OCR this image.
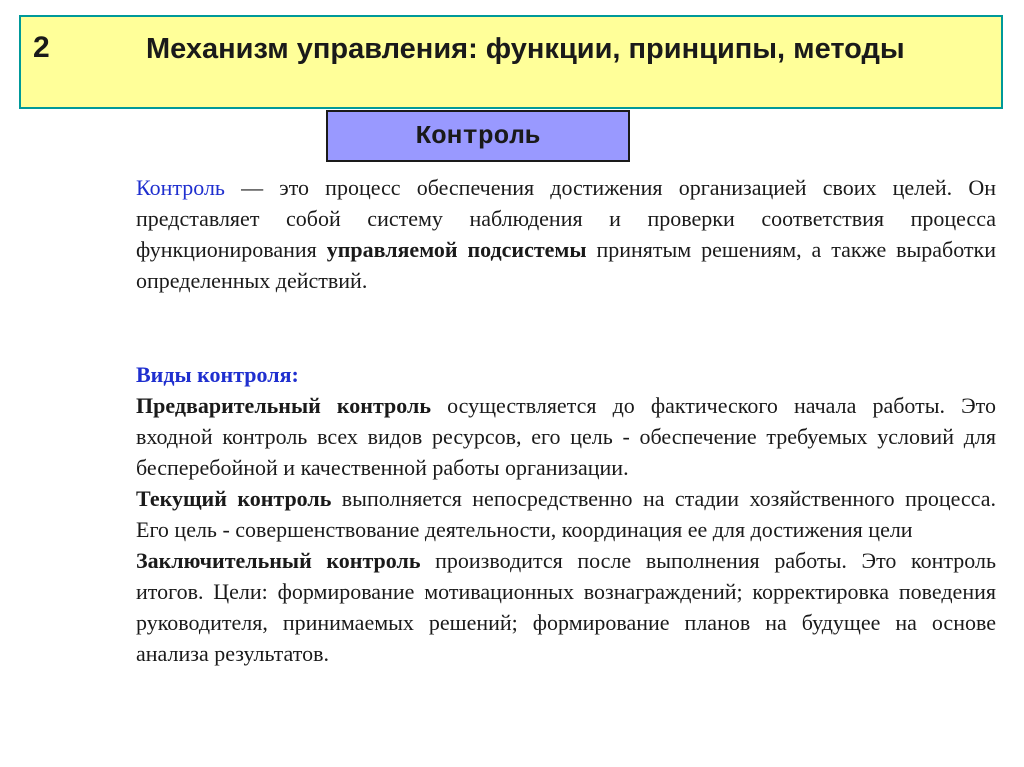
2	Механизм управления: функции, принципы, методы
Контроль

Контроль — это процесс обеспечения достижения организацией своих целей. Он представляет собой систему наблюдения и проверки соответствия процесса функционирования управляемой подсистемы принятым решениям, а также выработки определенных действий.

Виды контроля:

Предварительный контроль осуществляется до фактического начала работы. Это входной контроль всех видов ресурсов, его цель - обеспечение требуемых условий для бесперебойной и качественной работы организации.

Текущий контроль выполняется непосредственно на стадии хозяйственного процесса. Его цель - совершенствование деятельности, координация ее для достижения цели

Заключительный контроль производится после выполнения работы. Это контроль итогов. Цели: формирование мотивационных вознаграждений; корректировка поведения руководителя, принимаемых решений; формирование планов на будущее на основе анализа результатов.
